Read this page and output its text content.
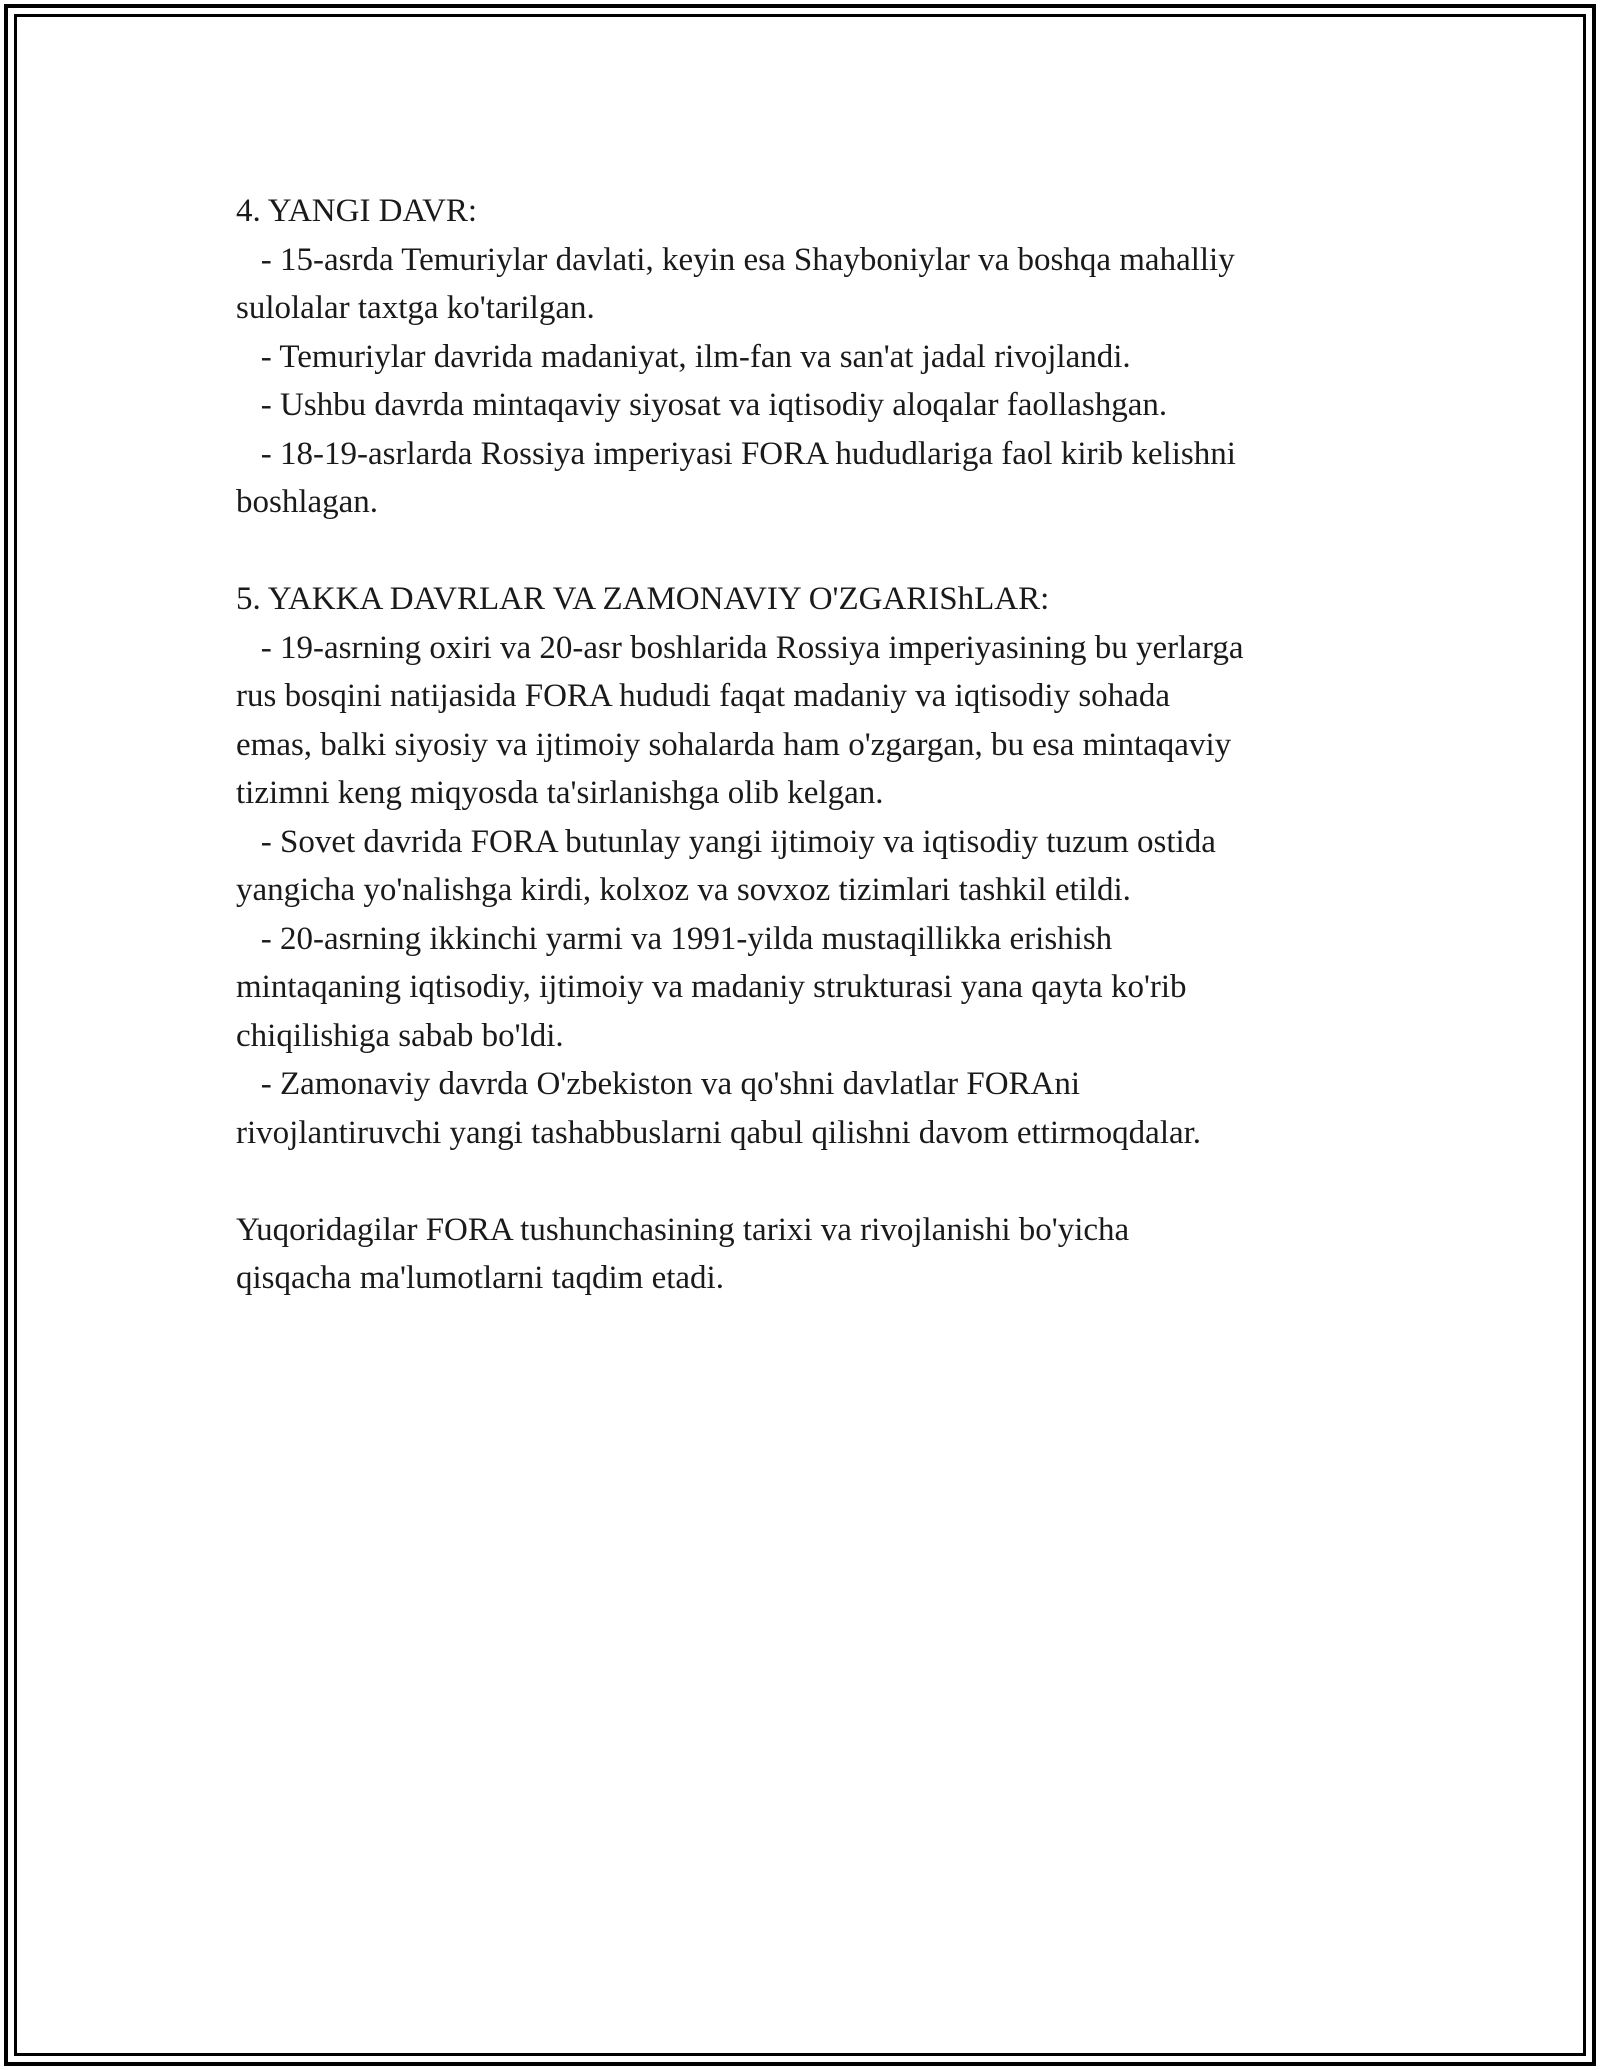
4. YANGI DAVR:
- 15-asrda Temuriylar davlati, keyin esa Shayboniylar va boshqa mahalliy
sulolalar taxtga ko'tarilgan.
- Temuriylar davrida madaniyat, ilm-fan va san'at jadal rivojlandi.
- Ushbu davrda mintaqaviy siyosat va iqtisodiy aloqalar faollashgan.
- 18-19-asrlarda Rossiya imperiyasi FORA hududlariga faol kirib kelishni
boshlagan.
5. YAKKA DAVRLAR VA ZAMONAVIY O'ZGARIShLAR:
- 19-asrning oxiri va 20-asr boshlarida Rossiya imperiyasining bu yerlarga
rus bosqini natijasida FORA hududi faqat madaniy va iqtisodiy sohada
emas, balki siyosiy va ijtimoiy sohalarda ham o'zgargan, bu esa mintaqaviy
tizimni keng miqyosda ta'sirlanishga olib kelgan.
- Sovet davrida FORA butunlay yangi ijtimoiy va iqtisodiy tuzum ostida
yangicha yo'nalishga kirdi, kolxoz va sovxoz tizimlari tashkil etildi.
- 20-asrning ikkinchi yarmi va 1991-yilda mustaqillikka erishish
mintaqaning iqtisodiy, ijtimoiy va madaniy strukturasi yana qayta ko'rib
chiqilishiga sabab bo'ldi.
- Zamonaviy davrda O'zbekiston va qo'shni davlatlar FORAni
rivojlantiruvchi yangi tashabbuslarni qabul qilishni davom ettirmoqdalar.
Yuqoridagilar FORA tushunchasining tarixi va rivojlanishi bo'yicha
qisqacha ma'lumotlarni taqdim etadi.
